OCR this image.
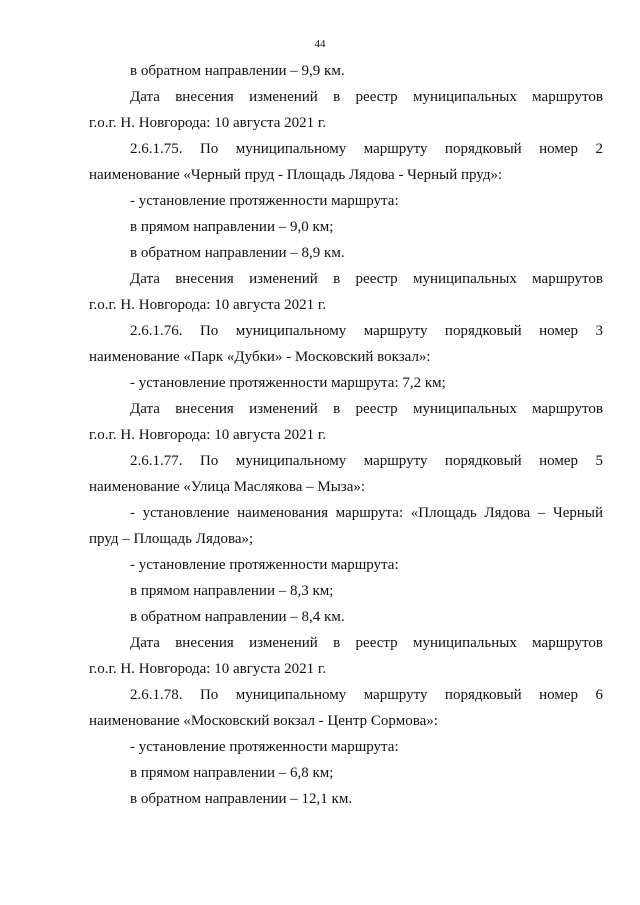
44
в обратном направлении – 9,9 км.
Дата внесения изменений в реестр муниципальных маршрутов
г.о.г. Н. Новгорода: 10 августа 2021 г.
2.6.1.75. По муниципальному маршруту порядковый номер 2
наименование «Черный пруд - Площадь Лядова - Черный пруд»:
- установление протяженности маршрута:
в прямом направлении – 9,0 км;
в обратном направлении – 8,9 км.
Дата внесения изменений в реестр муниципальных маршрутов
г.о.г. Н. Новгорода: 10 августа 2021 г.
2.6.1.76. По муниципальному маршруту порядковый номер 3
наименование «Парк «Дубки» - Московский вокзал»:
- установление протяженности маршрута: 7,2 км;
Дата внесения изменений в реестр муниципальных маршрутов
г.о.г. Н. Новгорода: 10 августа 2021 г.
2.6.1.77. По муниципальному маршруту порядковый номер 5
наименование «Улица Маслякова – Мыза»:
- установление наименования маршрута: «Площадь Лядова – Черный
пруд – Площадь Лядова»;
- установление протяженности маршрута:
в прямом направлении – 8,3 км;
в обратном направлении – 8,4 км.
Дата внесения изменений в реестр муниципальных маршрутов
г.о.г. Н. Новгорода: 10 августа 2021 г.
2.6.1.78. По муниципальному маршруту порядковый номер 6
наименование «Московский вокзал - Центр Сормова»:
- установление протяженности маршрута:
в прямом направлении – 6,8 км;
в обратном направлении – 12,1 км.
